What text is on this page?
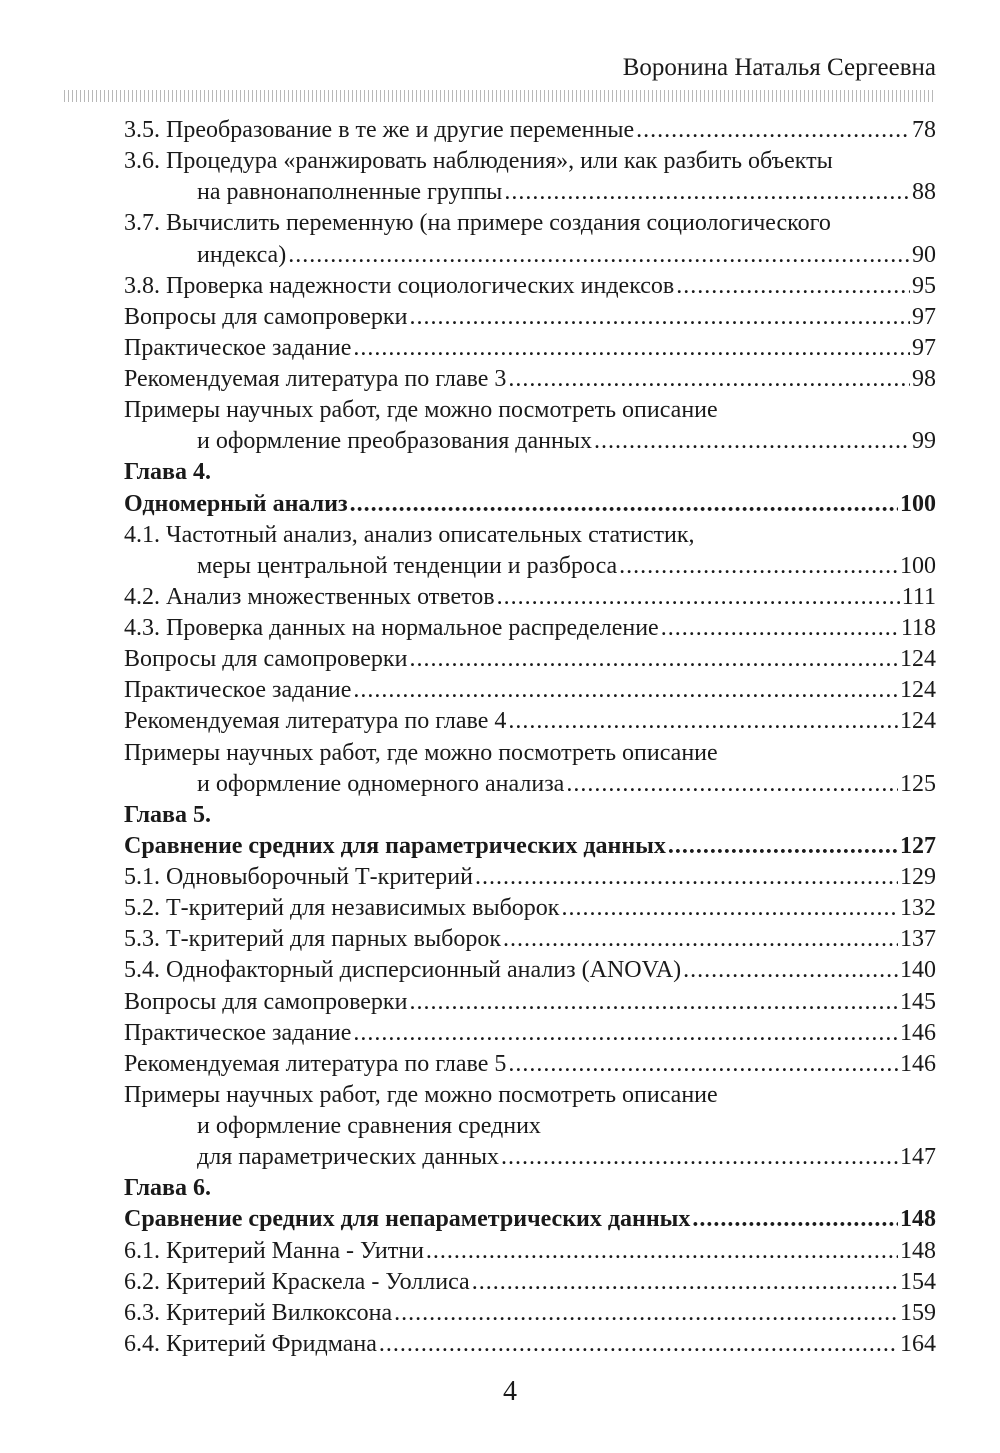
Воронина Наталья Сергеевна
3.5. Преобразование в те же и другие переменные .....	78
3.6. Процедура «ранжировать наблюдения», или как разбить объекты
на равнонаполненные группы .....	88
3.7. Вычислить переменную (на примере создания социологического
индекса) .....	90
3.8. Проверка надежности социологических индексов .....	95
Вопросы для самопроверки .....	97
Практическое задание .....	97
Рекомендуемая литература по главе 3 .....	98
Примеры научных работ, где можно посмотреть описание
и оформление преобразования данных .....	99
Глава 4.
Одномерный анализ .....	100
4.1. Частотный анализ, анализ описательных статистик,
меры центральной тенденции и разброса .....	100
4.2. Анализ множественных ответов .....	111
4.3. Проверка данных на нормальное распределение .....	118
Вопросы для самопроверки .....	124
Практическое задание .....	124
Рекомендуемая литература по главе 4 .....	124
Примеры научных работ, где можно посмотреть описание
и оформление одномерного анализа .....	125
Глава 5.
Сравнение средних для параметрических данных .....	127
5.1. Одновыборочный Т-критерий .....	129
5.2. Т-критерий для независимых выборок .....	132
5.3. Т-критерий для парных выборок .....	137
5.4. Однофакторный дисперсионный анализ (ANOVA) .....	140
Вопросы для самопроверки .....	145
Практическое задание .....	146
Рекомендуемая литература по главе 5 .....	146
Примеры научных работ, где можно посмотреть описание
и оформление сравнения средних
для параметрических данных .....	147
Глава 6.
Сравнение средних для непараметрических данных .....	148
6.1. Критерий Манна - Уитни .....	148
6.2. Критерий Краскела - Уоллиса .....	154
6.3. Критерий Вилкоксона .....	159
6.4. Критерий Фридмана .....	164
4
